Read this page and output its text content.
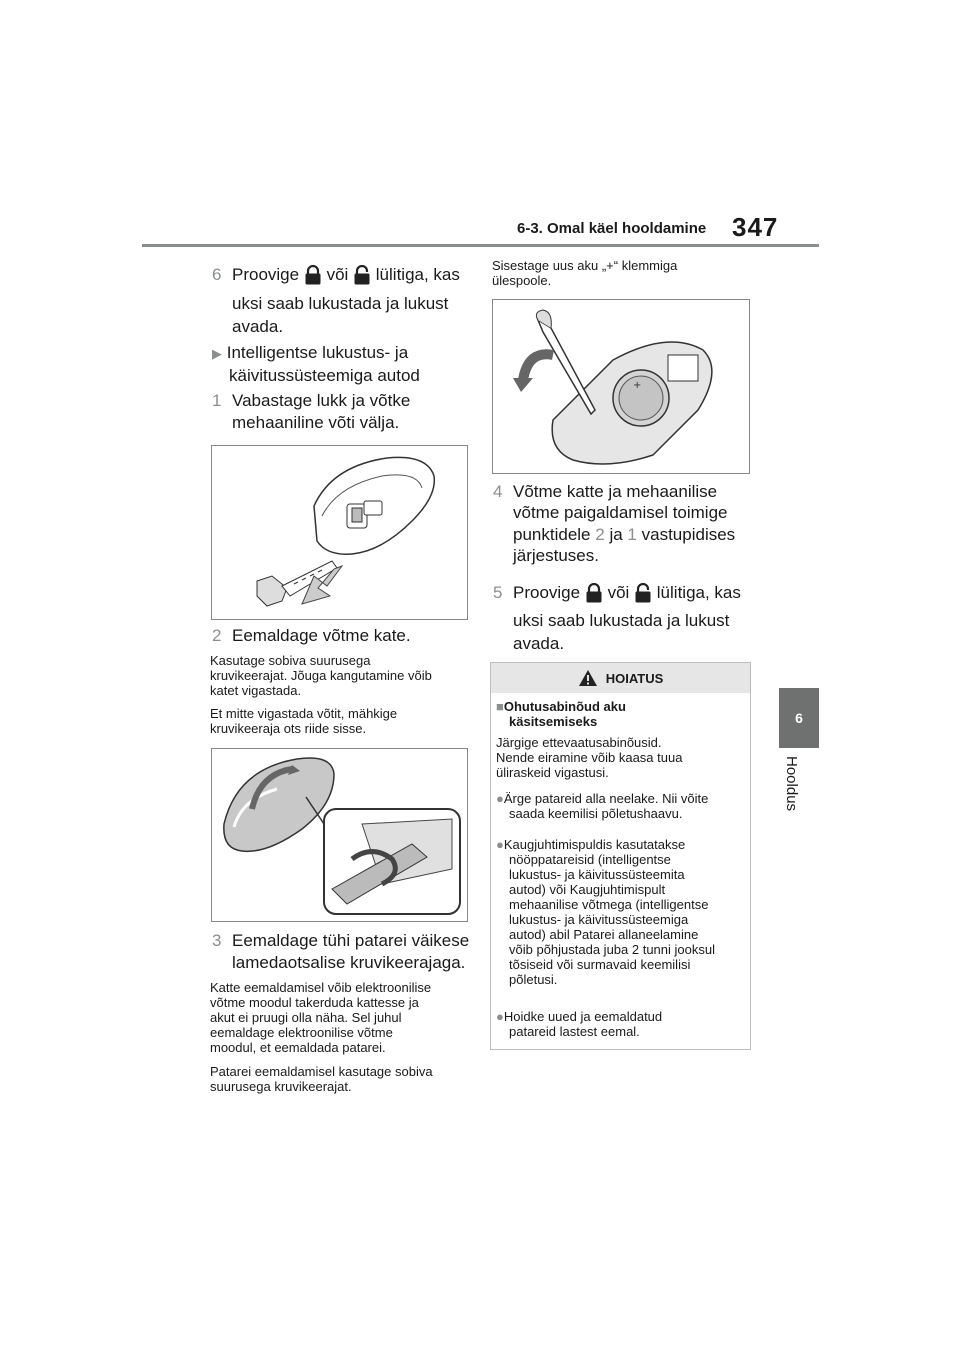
6-3. Omal käel hooldamine 347
6
Hooldus
6 Proovige või lülitiga, kas
uksi saab lukustada ja lukust
avada.
▶ Intelligentse lukustus- ja
käivitussüsteemiga autod
1 Vabastage lukk ja võtke
mehaaniline võti välja.
2 Eemaldage võtme kate.
Kasutage sobiva suurusega
kruvikeerajat. Jõuga kangutamine võib
katet vigastada.
Et mitte vigastada võtit, mähkige
kruvikeeraja ots riide sisse.
3 Eemaldage tühi patarei väikese
lamedaotsalise kruvikeerajaga.
Katte eemaldamisel võib elektroonilise
võtme moodul takerduda kattesse ja
akut ei pruugi olla näha. Sel juhul
eemaldage elektroonilise võtme
moodul, et eemaldada patarei.
Patarei eemaldamisel kasutage sobiva
suurusega kruvikeerajat.
Sisestage uus aku „+“ klemmiga
ülespoole.
+
4 Võtme katte ja mehaanilise
võtme paigaldamisel toimige
punktidele 2 ja 1 vastupidises
järjestuses.
5 Proovige või lülitiga, kas
uksi saab lukustada ja lukust
avada.
HOIATUS
■Ohutusabinõud aku
käsitsemiseks
Järgige ettevaatusabinõusid.
Nende eiramine võib kaasa tuua
üliraskeid vigastusi.
●Ärge patareid alla neelake. Nii võite
saada keemilisi põletushaavu.
●Kaugjuhtimispuldis kasutatakse
nööppatareisid (intelligentse
lukustus- ja käivitussüsteemita
autod) või Kaugjuhtimispult
mehaanilise võtmega (intelligentse
lukustus- ja käivitussüsteemiga
autod) abil Patarei allaneelamine
võib põhjustada juba 2 tunni jooksul
tõsiseid või surmavaid keemilisi
põletusi.
●Hoidke uued ja eemaldatud
patareid lastest eemal.
